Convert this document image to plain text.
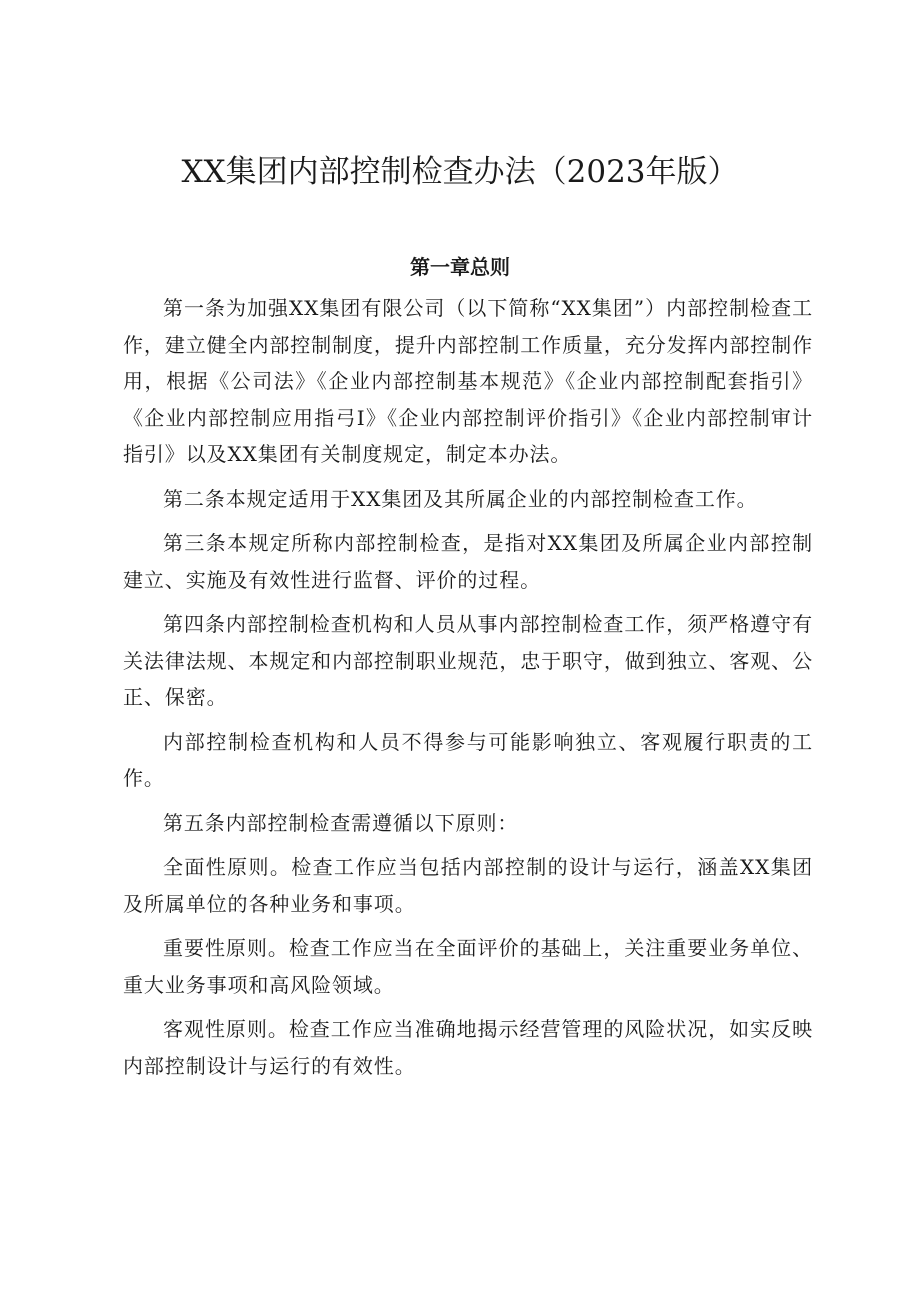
XX集团内部控制检查办法（2023年版）
第一章总则

第一条为加强XX集团有限公司（以下简称“XX集团”）内部控制检查工作，建立健全内部控制制度，提升内部控制工作质量，充分发挥内部控制作用，根据《公司法》《企业内部控制基本规范》《企业内部控制配套指引》《企业内部控制应用指弓I》《企业内部控制评价指引》《企业内部控制审计指引》以及XX集团有关制度规定，制定本办法。

第二条本规定适用于XX集团及其所属企业的内部控制检查工作。

第三条本规定所称内部控制检查，是指对XX集团及所属企业内部控制建立、实施及有效性进行监督、评价的过程。

第四条内部控制检查机构和人员从事内部控制检查工作，须严格遵守有关法律法规、本规定和内部控制职业规范，忠于职守，做到独立、客观、公正、保密。

内部控制检查机构和人员不得参与可能影响独立、客观履行职责的工作。

第五条内部控制检查需遵循以下原则：

全面性原则。检查工作应当包括内部控制的设计与运行，涵盖XX集团及所属单位的各种业务和事项。

重要性原则。检查工作应当在全面评价的基础上，关注重要业务单位、重大业务事项和高风险领域。

客观性原则。检查工作应当准确地揭示经营管理的风险状况，如实反映内部控制设计与运行的有效性。
